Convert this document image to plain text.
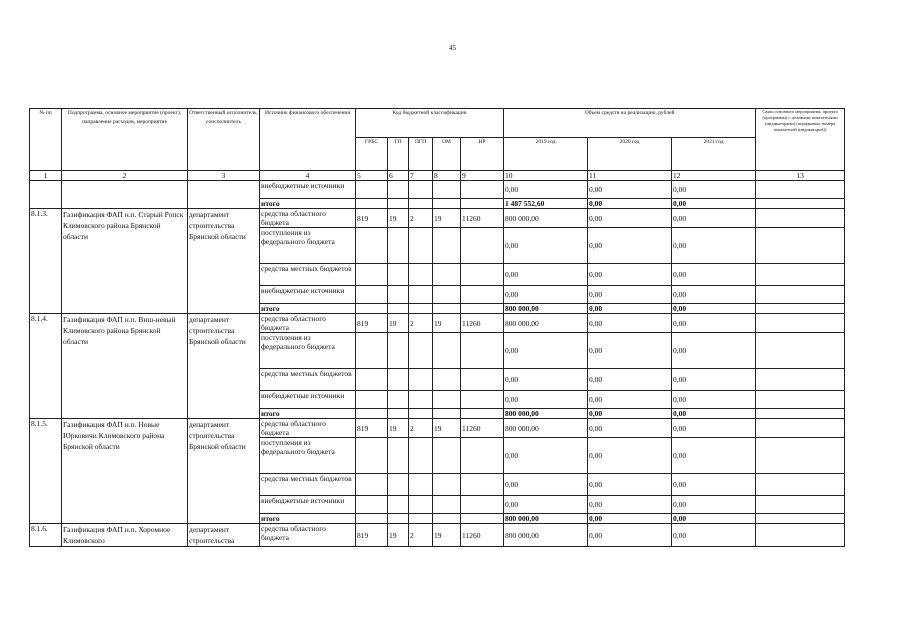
45
№ пп	Подпрограмма, основное мероприятие (проект), направление расходов, мероприятие	Ответственный исполнитель, соисполнитель	Источник финансового обеспечения	Код бюджетной классификации					Объем средств на реализацию, рублей			Связь основного мероприятия, проекта (программы) с целевыми показателями (индикаторами) (порядковые номера показателей (индикаторов))
				ГРБС	ГП	ПГП	ОМ	НР	2019 год	2020 год	2021 год	
1	2	3	4	5	6	7	8	9	10	11	12	13
			внебюджетные источники						0,00	0,00	0,00	
			итого						1 487 552,60	0,00	0,00	
8.1.3.	Газификация ФАП н.п. Старый Ропск Климовского района Брянской области	департамент строительства Брянской области	средства областного бюджета	819	19	2	19	11260	800 000,00	0,00	0,00	
			поступления из федерального бюджета						0,00	0,00	0,00	
			средства местных бюджетов						0,00	0,00	0,00	
			внебюджетные источники						0,00	0,00	0,00	
			итого						800 000,00	0,00	0,00	
8.1.4.	Газификация ФАП н.п. Виш-невый Климовского района Брянской области	департамент строительства Брянской области	средства областного бюджета	819	19	2	19	11260	800 000,00	0,00	0,00	
			поступления из федерального бюджета						0,00	0,00	0,00	
			средства местных бюджетов						0,00	0,00	0,00	
			внебюджетные источники						0,00	0,00	0,00	
			итого						800 000,00	0,00	0,00	
8.1.5.	Газификация ФАП н.п. Новые Юрковичи Климовского района Брянской области	департамент строительства Брянской области	средства областного бюджета	819	19	2	19	11260	800 000,00	0,00	0,00	
			поступления из федерального бюджета						0,00	0,00	0,00	
			средства местных бюджетов						0,00	0,00	0,00	
			внебюджетные источники						0,00	0,00	0,00	
			итого						800 000,00	0,00	0,00	
8.1.6.	Газификация ФАП н.п. Хоромное Климовского	департамент строительства	средства областного бюджета	819	19	2	19	11260	800 000,00	0,00	0,00	
